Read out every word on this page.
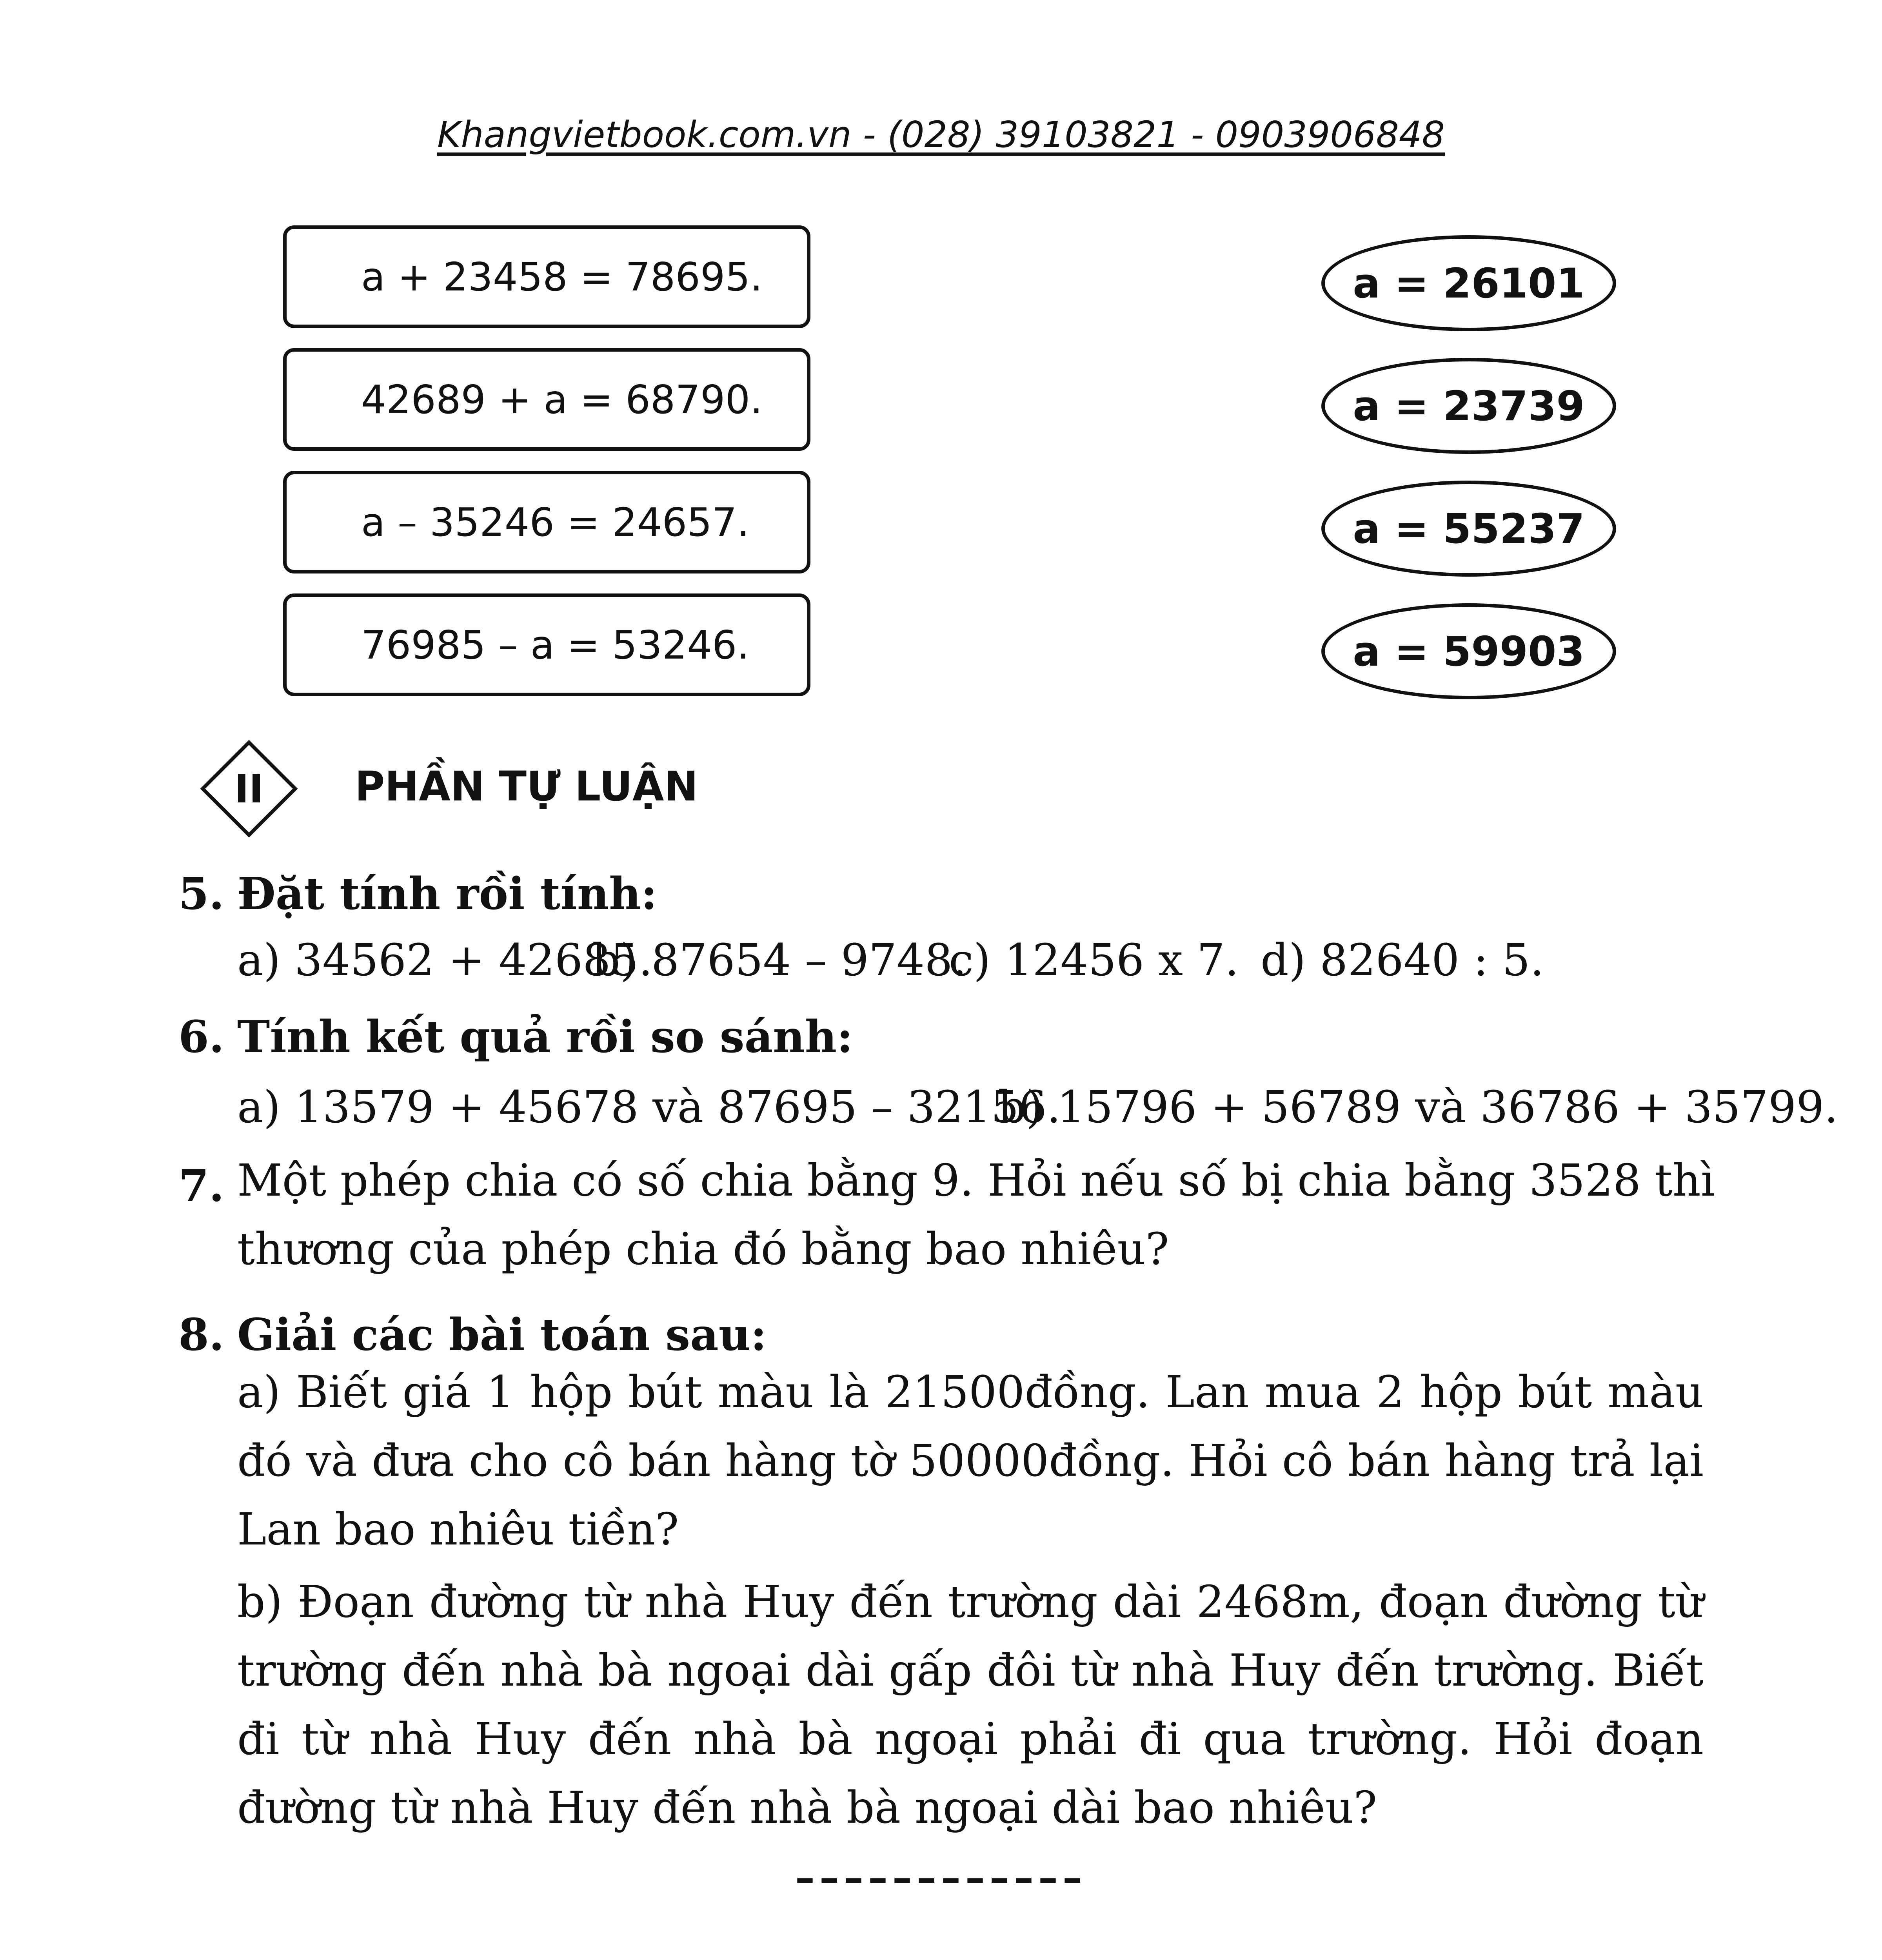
Khangvietbook.com.vn - (028) 39103821 - 0903906848
a + 23458 = 78695.
42689 + a = 68790.
a – 35246 = 24657.
76985 – a = 53246.
a = 26101
a = 23739
a = 55237
a = 59903
II	PHẦN TỰ LUẬN
5. Đặt tính rồi tính:
a) 34562 + 42685.
b) 87654 – 9748.
c) 12456 x 7. d) 82640 : 5.
6. Tính kết quả rồi so sánh:
a) 13579 + 45678 và 87695 – 32156.
b) 15796 + 56789 và 36786 + 35799.
7. Một phép chia có số chia bằng 9. Hỏi nếu số bị chia bằng 3528 thì
thương của phép chia đó bằng bao nhiêu?
8. Giải các bài toán sau:
a) Biết giá 1 hộp bút màu là 21500đồng. Lan mua 2 hộp bút màu đó và đưa cho cô bán hàng tờ 50000đồng. Hỏi cô bán hàng trả lại Lan bao nhiêu tiền?
b) Đoạn đường từ nhà Huy đến trường dài 2468m, đoạn đường từ trường đến nhà bà ngoại dài gấp đôi từ nhà Huy đến trường. Biết đi từ nhà Huy đến nhà bà ngoại phải đi qua trường. Hỏi đoạn đường từ nhà Huy đến nhà bà ngoại dài bao nhiêu?
––––––––––––
